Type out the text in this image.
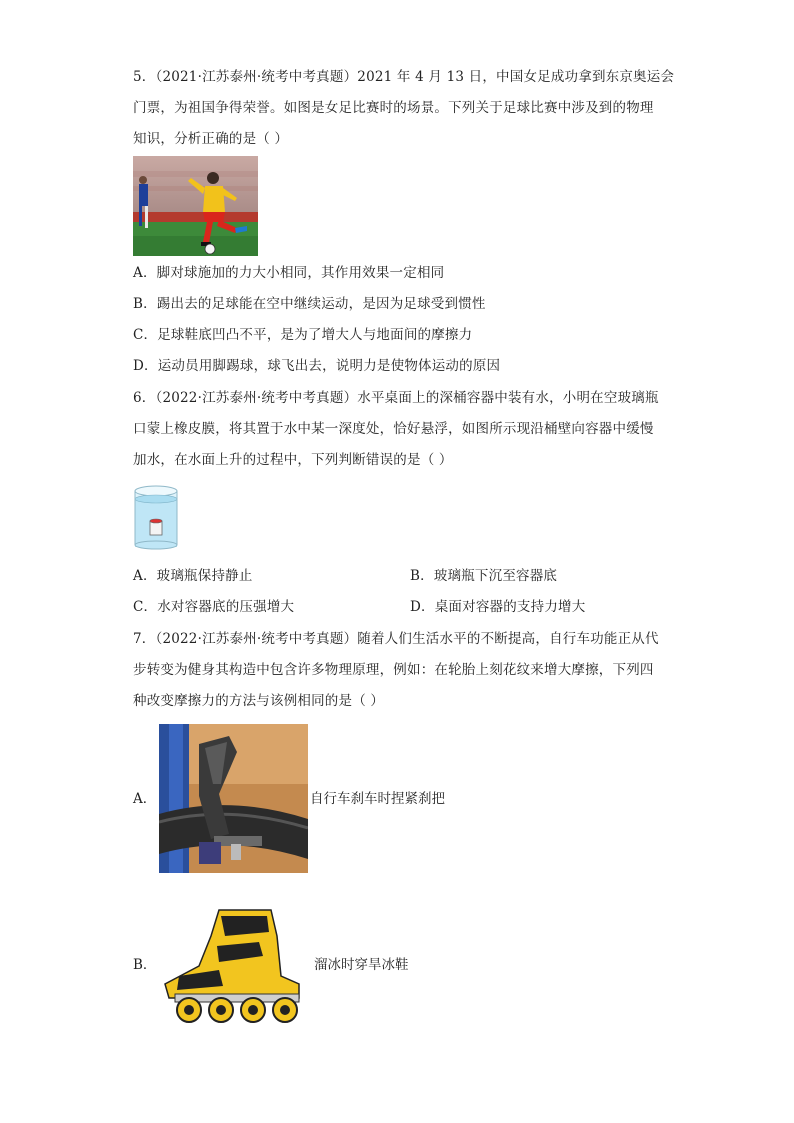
5．（2021·江苏泰州·统考中考真题）2021 年 4 月 13 日，中国女足成功拿到东京奥运会
门票，为祖国争得荣誉。如图是女足比赛时的场景。下列关于足球比赛中涉及到的物理
知识，分析正确的是（ ）
A．脚对球施加的力大小相同，其作用效果一定相同
B．踢出去的足球能在空中继续运动，是因为足球受到惯性
C．足球鞋底凹凸不平，是为了增大人与地面间的摩擦力
D．运动员用脚踢球，球飞出去，说明力是使物体运动的原因
6．（2022·江苏泰州·统考中考真题）水平桌面上的深桶容器中装有水，小明在空玻璃瓶
口蒙上橡皮膜，将其置于水中某一深度处，恰好悬浮，如图所示现沿桶壁向容器中缓慢
加水，在水面上升的过程中，下列判断错误的是（ ）
A．玻璃瓶保持静止	B．玻璃瓶下沉至容器底
C．水对容器底的压强增大	D．桌面对容器的支持力增大
7．（2022·江苏泰州·统考中考真题）随着人们生活水平的不断提高，自行车功能正从代
步转变为健身其构造中包含许多物理原理，例如：在轮胎上刻花纹来增大摩擦，下列四
种改变摩擦力的方法与该例相同的是（ ）
A．	自行车刹车时捏紧刹把
B．	溜冰时穿旱冰鞋
